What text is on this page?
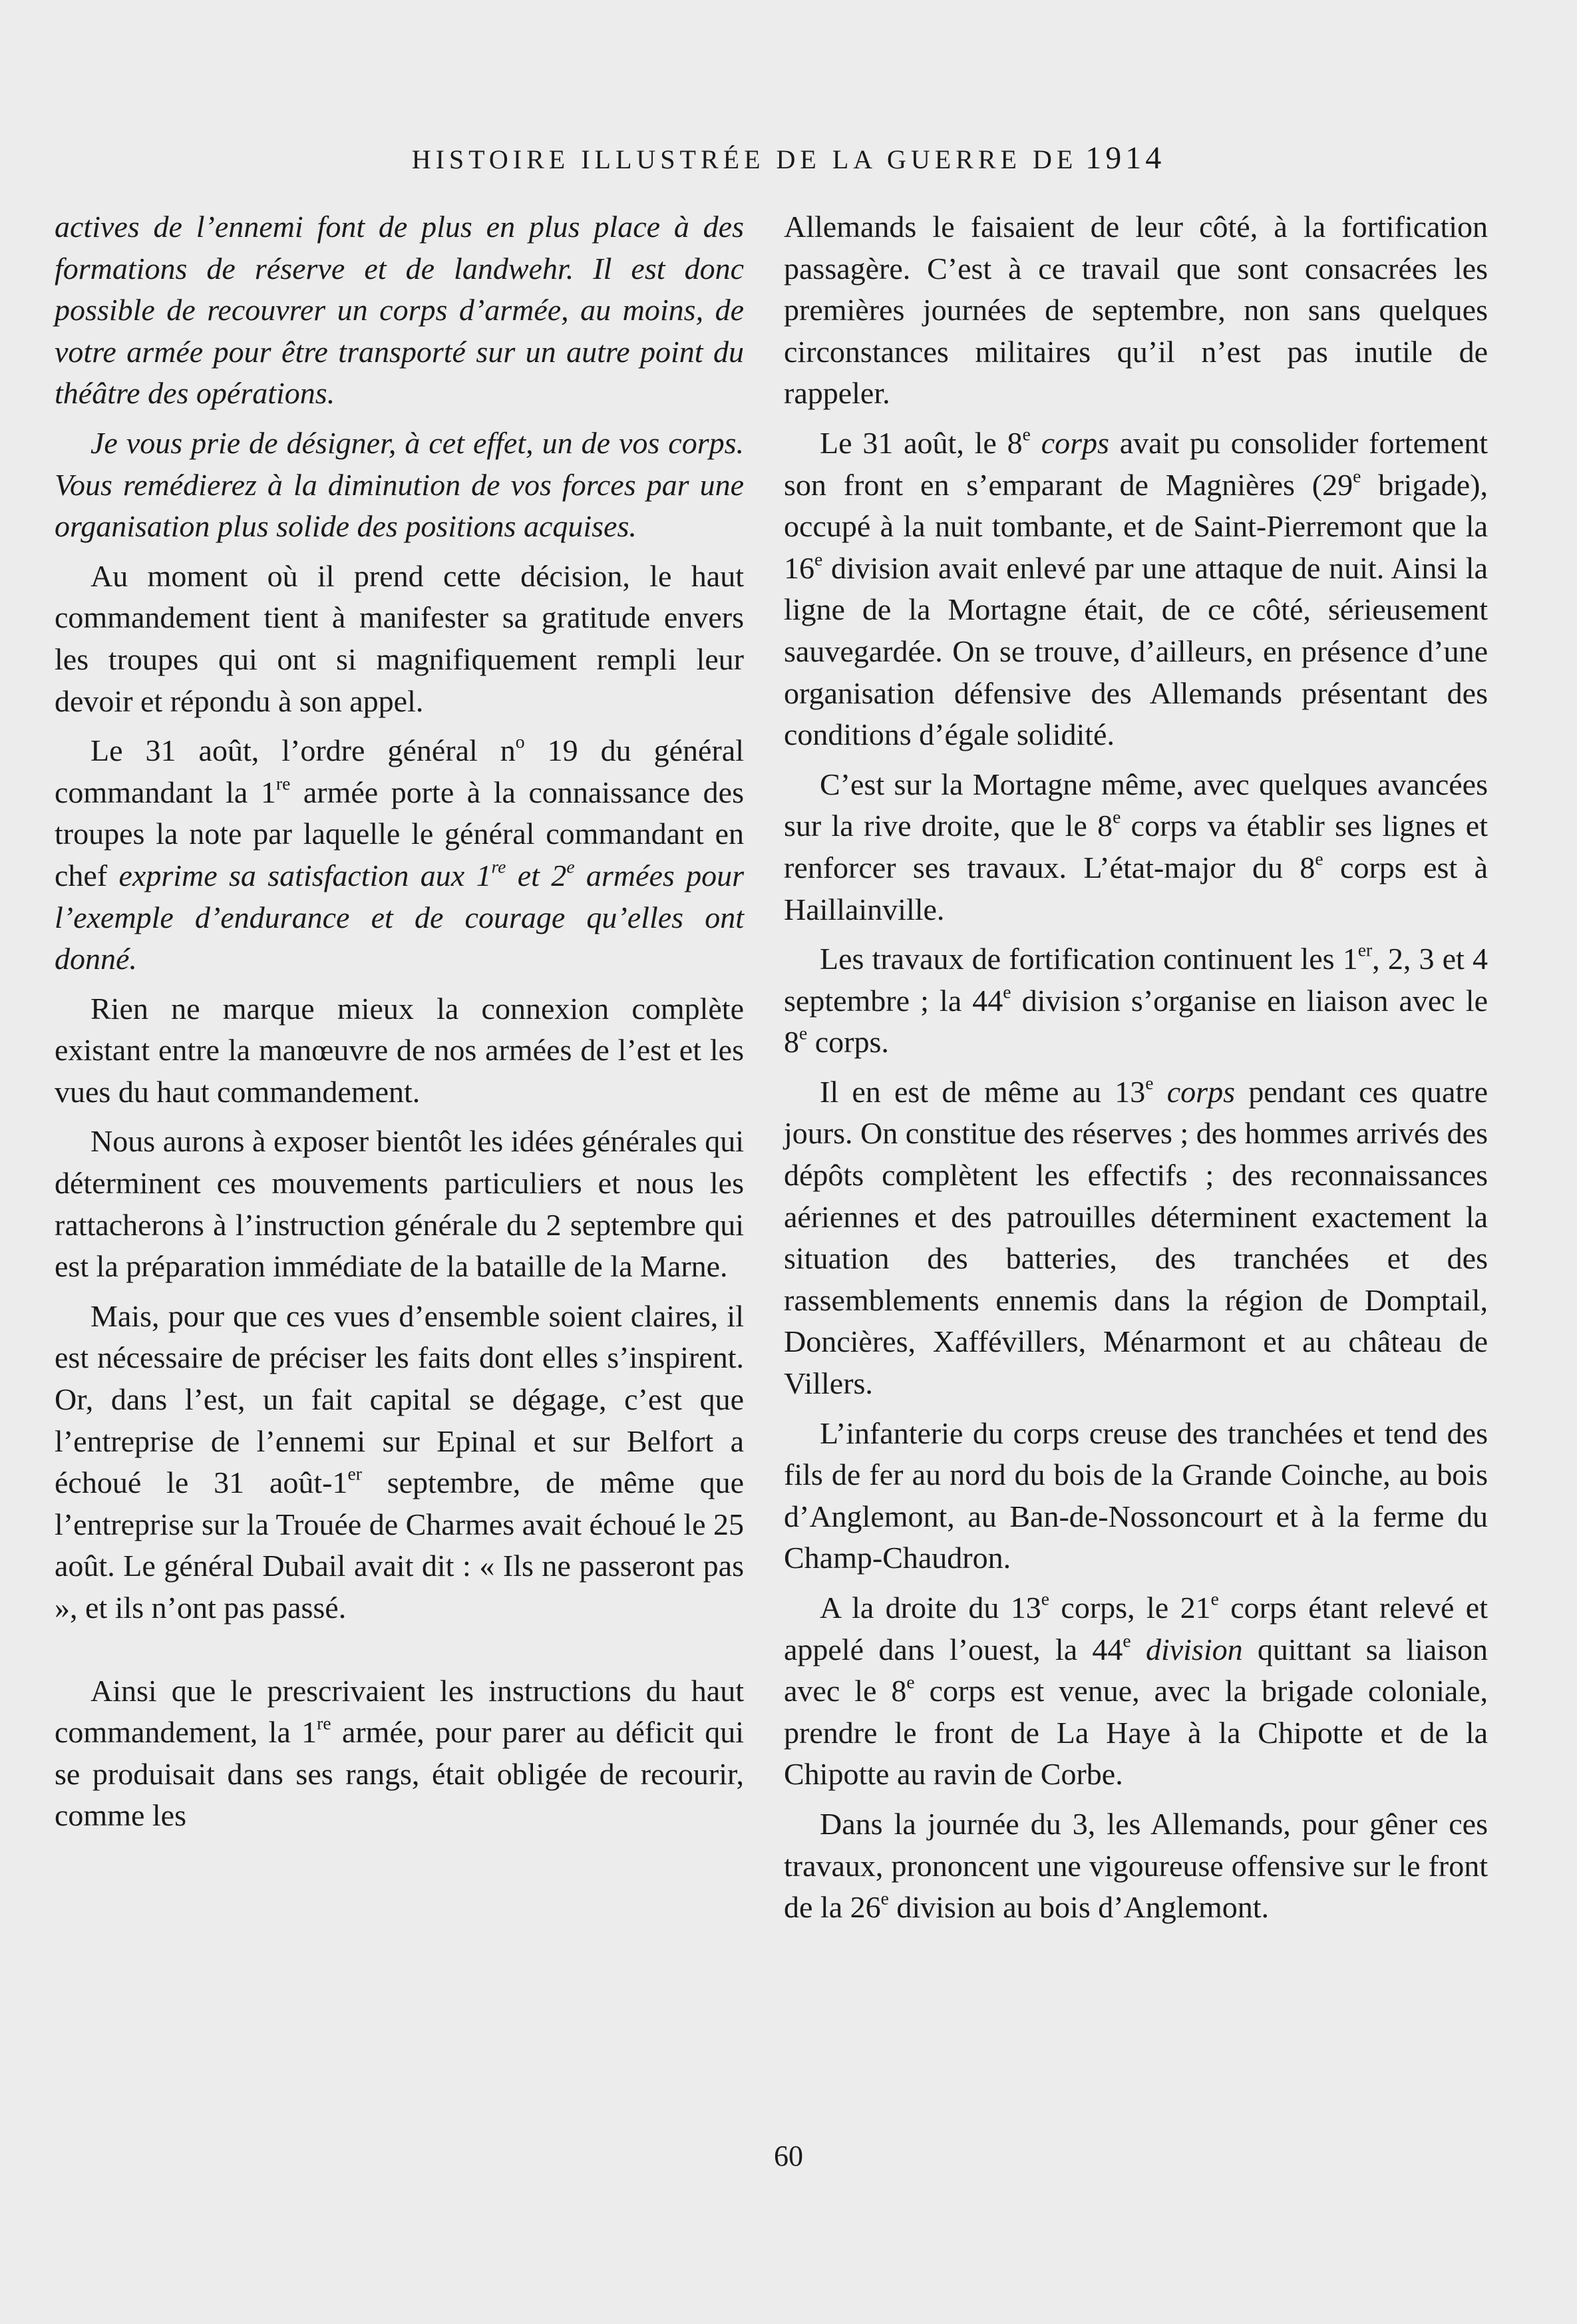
HISTOIRE ILLUSTRÉE DE LA GUERRE DE 1914

actives de l’ennemi font de plus en plus place à des formations de réserve et de landwehr. Il est donc possible de recouvrer un corps d’armée, au moins, de votre armée pour être transporté sur un autre point du théâtre des opérations.

Je vous prie de désigner, à cet effet, un de vos corps. Vous remédierez à la diminution de vos forces par une organisation plus solide des positions acquises.

Au moment où il prend cette décision, le haut commandement tient à manifester sa gratitude envers les troupes qui ont si magnifiquement rempli leur devoir et répondu à son appel.

Le 31 août, l’ordre général $n^o$ 19 du général commandant la 1re armée porte à la connaissance des troupes la note par laquelle le général commandant en chef exprime sa satisfaction aux 1re et 2e armées pour l’exemple d’endurance et de courage qu’elles ont donné.

Rien ne marque mieux la connexion complète existant entre la manœuvre de nos armées de l’est et les vues du haut commandement.

Nous aurons à exposer bientôt les idées générales qui déterminent ces mouvements particuliers et nous les rattacherons à l’instruction générale du 2 septembre qui est la préparation immédiate de la bataille de la Marne.

Mais, pour que ces vues d’ensemble soient claires, il est nécessaire de préciser les faits dont elles s’inspirent. Or, dans l’est, un fait capital se dégage, c’est que l’entreprise de l’ennemi sur Epinal et sur Belfort a échoué le 31 août-1er septembre, de même que l’entreprise sur la Trouée de Charmes avait échoué le 25 août. Le général Dubail avait dit : « Ils ne passeront pas », et ils n’ont pas passé.

Ainsi que le prescrivaient les instructions du haut commandement, la 1re armée, pour parer au déficit qui se produisait dans ses rangs, était obligée de recourir, comme les

Allemands le faisaient de leur côté, à la fortification passagère. C’est à ce travail que sont consacrées les premières journées de septembre, non sans quelques circonstances militaires qu’il n’est pas inutile de rappeler.

Le 31 août, le 8e corps avait pu consolider fortement son front en s’emparant de Magnières (29e brigade), occupé à la nuit tombante, et de Saint-Pierremont que la 16e division avait enlevé par une attaque de nuit. Ainsi la ligne de la Mortagne était, de ce côté, sérieusement sauvegardée. On se trouve, d’ailleurs, en présence d’une organisation défensive des Allemands présentant des conditions d’égale solidité.

C’est sur la Mortagne même, avec quelques avancées sur la rive droite, que le 8e corps va établir ses lignes et renforcer ses travaux. L’état-major du 8e corps est à Haillainville.

Les travaux de fortification continuent les 1er, 2, 3 et 4 septembre ; la 44e division s’organise en liaison avec le 8e corps.

Il en est de même au 13e corps pendant ces quatre jours. On constitue des réserves ; des hommes arrivés des dépôts complètent les effectifs ; des reconnaissances aériennes et des patrouilles déterminent exactement la situation des batteries, des tranchées et des rassemblements ennemis dans la région de Domptail, Doncières, Xaffévillers, Ménarmont et au château de Villers.

L’infanterie du corps creuse des tranchées et tend des fils de fer au nord du bois de la Grande Coinche, au bois d’Anglemont, au Ban-de-Nossoncourt et à la ferme du Champ-Chaudron.

A la droite du 13e corps, le 21e corps étant relevé et appelé dans l’ouest, la 44e division quittant sa liaison avec le 8e corps est venue, avec la brigade coloniale, prendre le front de La Haye à la Chipotte et de la Chipotte au ravin de Corbe.

Dans la journée du 3, les Allemands, pour gêner ces travaux, prononcent une vigoureuse offensive sur le front de la 26e division au bois d’Anglemont.

60
